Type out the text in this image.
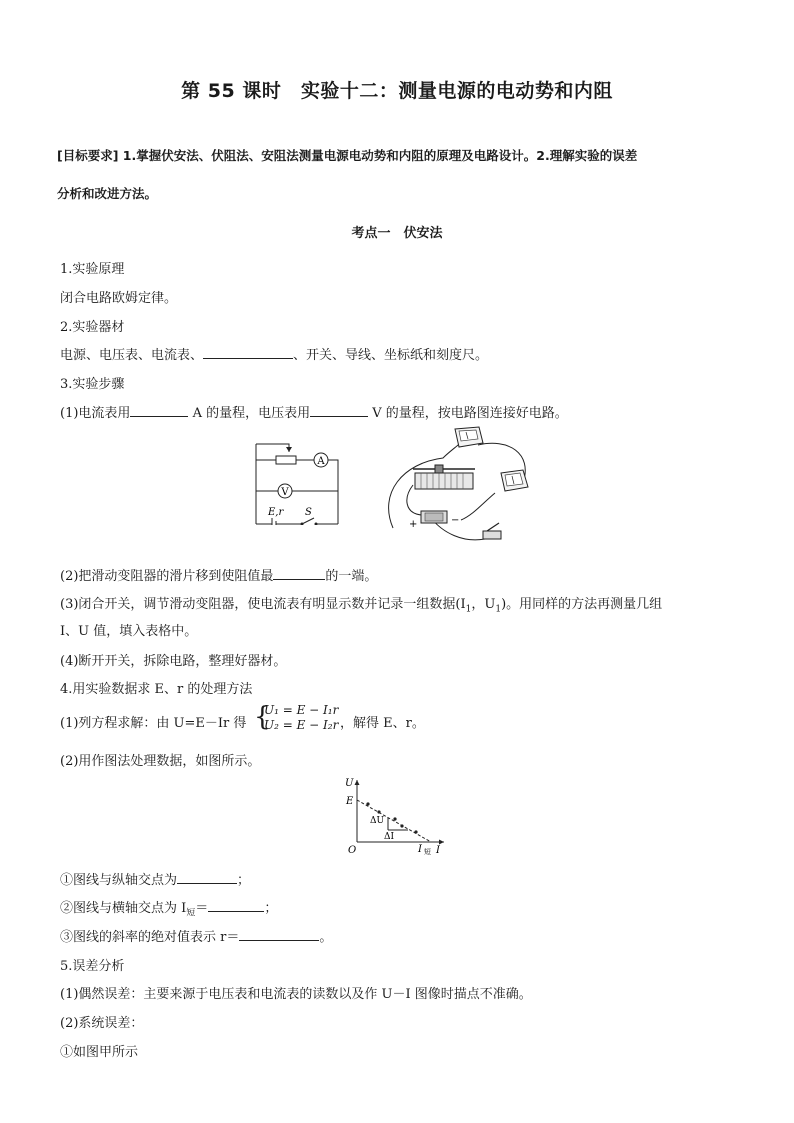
第 55 课时　实验十二：测量电源的电动势和内阻
[目标要求] 1.掌握伏安法、伏阻法、安阻法测量电源电动势和内阻的原理及电路设计。2.理解实验的误差
分析和改进方法。
考点一　伏安法
1.实验原理
闭合电路欧姆定律。
2.实验器材
电源、电压表、电流表、	、开关、导线、坐标纸和刻度尺。
3.实验步骤
(1)电流表用	A 的量程，电压表用	V 的量程，按电路图连接好电路。
A
V
E,r S
+	−
(2)把滑动变阻器的滑片移到使阻值最	的一端。
(3)闭合开关，调节滑动变阻器，使电流表有明显示数并记录一组数据($I_1$，$U_1$)。用同样的方法再测量几组
I、U 值，填入表格中。
(4)断开开关，拆除电路，整理好器材。
4.用实验数据求 E、r 的处理方法
(1)列方程求解：由 U=E－Ir 得 {
U₁ = E − I₁r
U₂ = E − I₂r ，解得 E、r。
(2)用作图法处理数据，如图所示。
U
E
O
ΔU
ΔI
I 短 I
①图线与纵轴交点为	；
②图线与横轴交点为 $I_短=$	；
③图线的斜率的绝对值表示 r＝	。
5.误差分析
(1)偶然误差：主要来源于电压表和电流表的读数以及作 U－I 图像时描点不准确。
(2)系统误差：
①如图甲所示
